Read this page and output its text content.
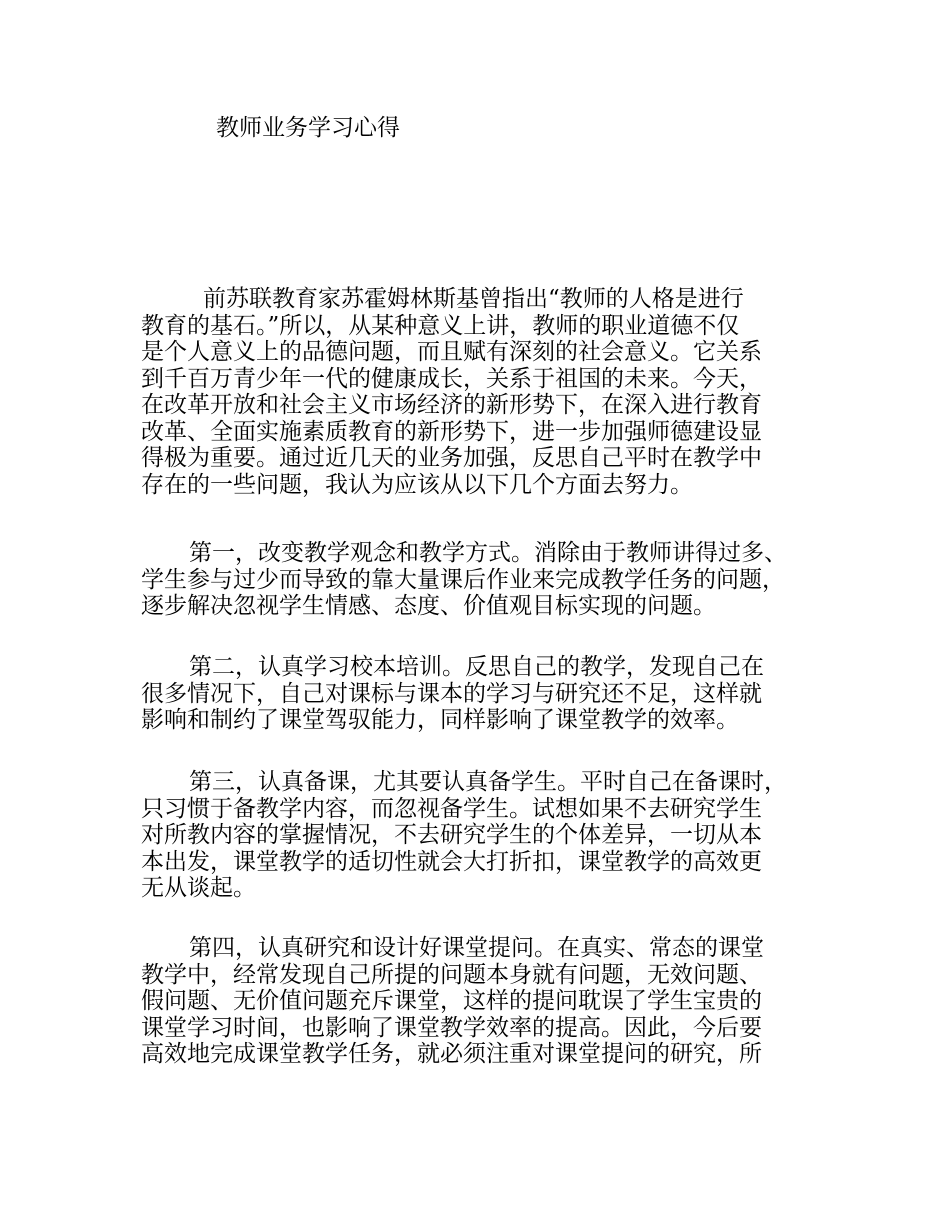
教师业务学习心得

前苏联教育家苏霍姆林斯基曾指出“教师的人格是进行
教育的基石。”所以，从某种意义上讲，教师的职业道德不仅
是个人意义上的品德问题，而且赋有深刻的社会意义。它关系
到千百万青少年一代的健康成长，关系于祖国的未来。今天，
在改革开放和社会主义市场经济的新形势下，在深入进行教育
改革、全面实施素质教育的新形势下，进一步加强师德建设显
得极为重要。通过近几天的业务加强，反思自己平时在教学中
存在的一些问题，我认为应该从以下几个方面去努力。

第一，改变教学观念和教学方式。消除由于教师讲得过多、
学生参与过少而导致的靠大量课后作业来完成教学任务的问题，
逐步解决忽视学生情感、态度、价值观目标实现的问题。

第二，认真学习校本培训。反思自己的教学，发现自己在
很多情况下，自己对课标与课本的学习与研究还不足，这样就
影响和制约了课堂驾驭能力，同样影响了课堂教学的效率。

第三，认真备课，尤其要认真备学生。平时自己在备课时，
只习惯于备教学内容，而忽视备学生。试想如果不去研究学生
对所教内容的掌握情况，不去研究学生的个体差异，一切从本
本出发，课堂教学的适切性就会大打折扣，课堂教学的高效更
无从谈起。

第四，认真研究和设计好课堂提问。在真实、常态的课堂
教学中，经常发现自己所提的问题本身就有问题，无效问题、
假问题、无价值问题充斥课堂，这样的提问耽误了学生宝贵的
课堂学习时间，也影响了课堂教学效率的提高。因此，今后要
高效地完成课堂教学任务，就必须注重对课堂提问的研究，所
